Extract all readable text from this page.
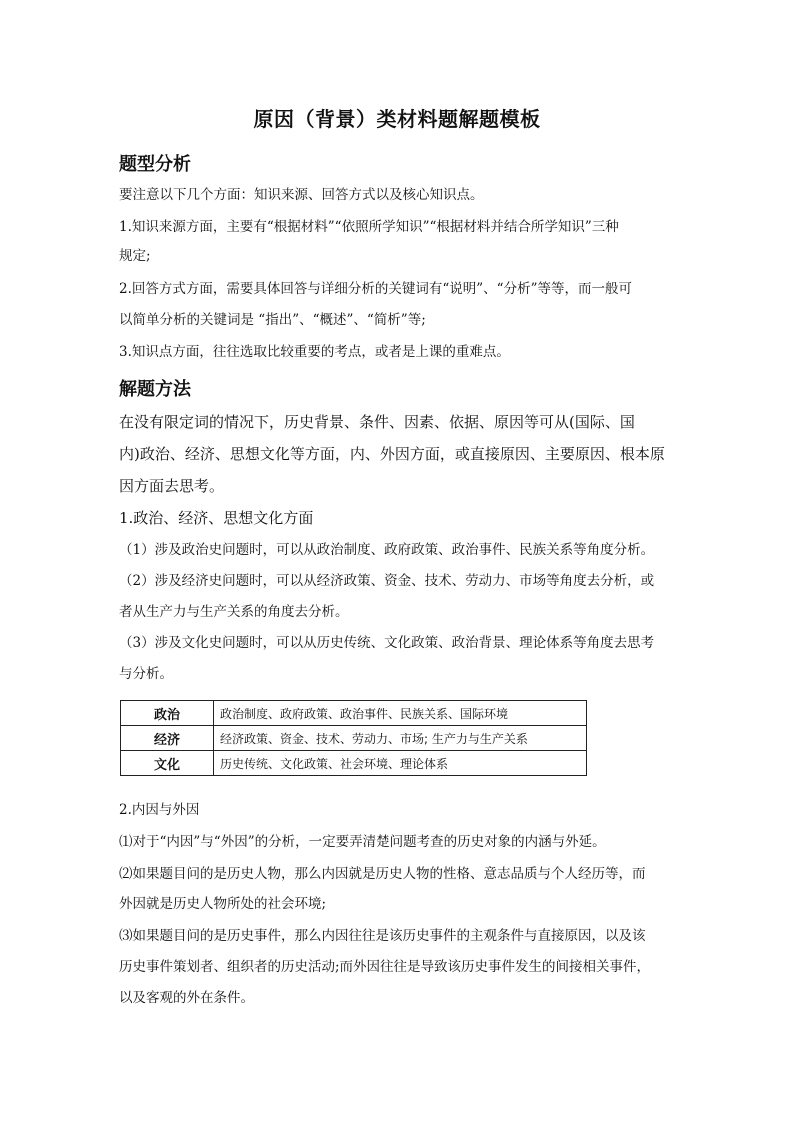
原因（背景）类材料题解题模板
题型分析
要注意以下几个方面：知识来源、回答方式以及核心知识点。
1.知识来源方面，主要有“根据材料”“依照所学知识”“根据材料并结合所学知识”三种
规定;
2.回答方式方面，需要具体回答与详细分析的关键词有“说明”、“分析”等等，而一般可
以简单分析的关键词是 “指出”、“概述”、“简析”等;
3.知识点方面，往往选取比较重要的考点，或者是上课的重难点。
解题方法
在没有限定词的情况下，历史背景、条件、因素、依据、原因等可从(国际、国
内)政治、经济、思想文化等方面，内、外因方面，或直接原因、主要原因、根本原
因方面去思考。
1.政治、经济、思想文化方面
（1）涉及政治史问题时，可以从政治制度、政府政策、政治事件、民族关系等角度分析。
（2）涉及经济史问题时，可以从经济政策、资金、技术、劳动力、市场等角度去分析，或
者从生产力与生产关系的角度去分析。
（3）涉及文化史问题时，可以从历史传统、文化政策、政治背景、理论体系等角度去思考
与分析。
政治	政治制度、政府政策、政治事件、民族关系、国际环境
经济	经济政策、资金、技术、劳动力、市场; 生产力与生产关系
文化	历史传统、文化政策、社会环境、理论体系
2.内因与外因
⑴对于“内因”与“外因”的分析，一定要弄清楚问题考查的历史对象的内涵与外延。
⑵如果题目问的是历史人物，那么内因就是历史人物的性格、意志品质与个人经历等，而
外因就是历史人物所处的社会环境;
⑶如果题目问的是历史事件，那么内因往往是该历史事件的主观条件与直接原因，以及该
历史事件策划者、组织者的历史活动;而外因往往是导致该历史事件发生的间接相关事件，
以及客观的外在条件。
